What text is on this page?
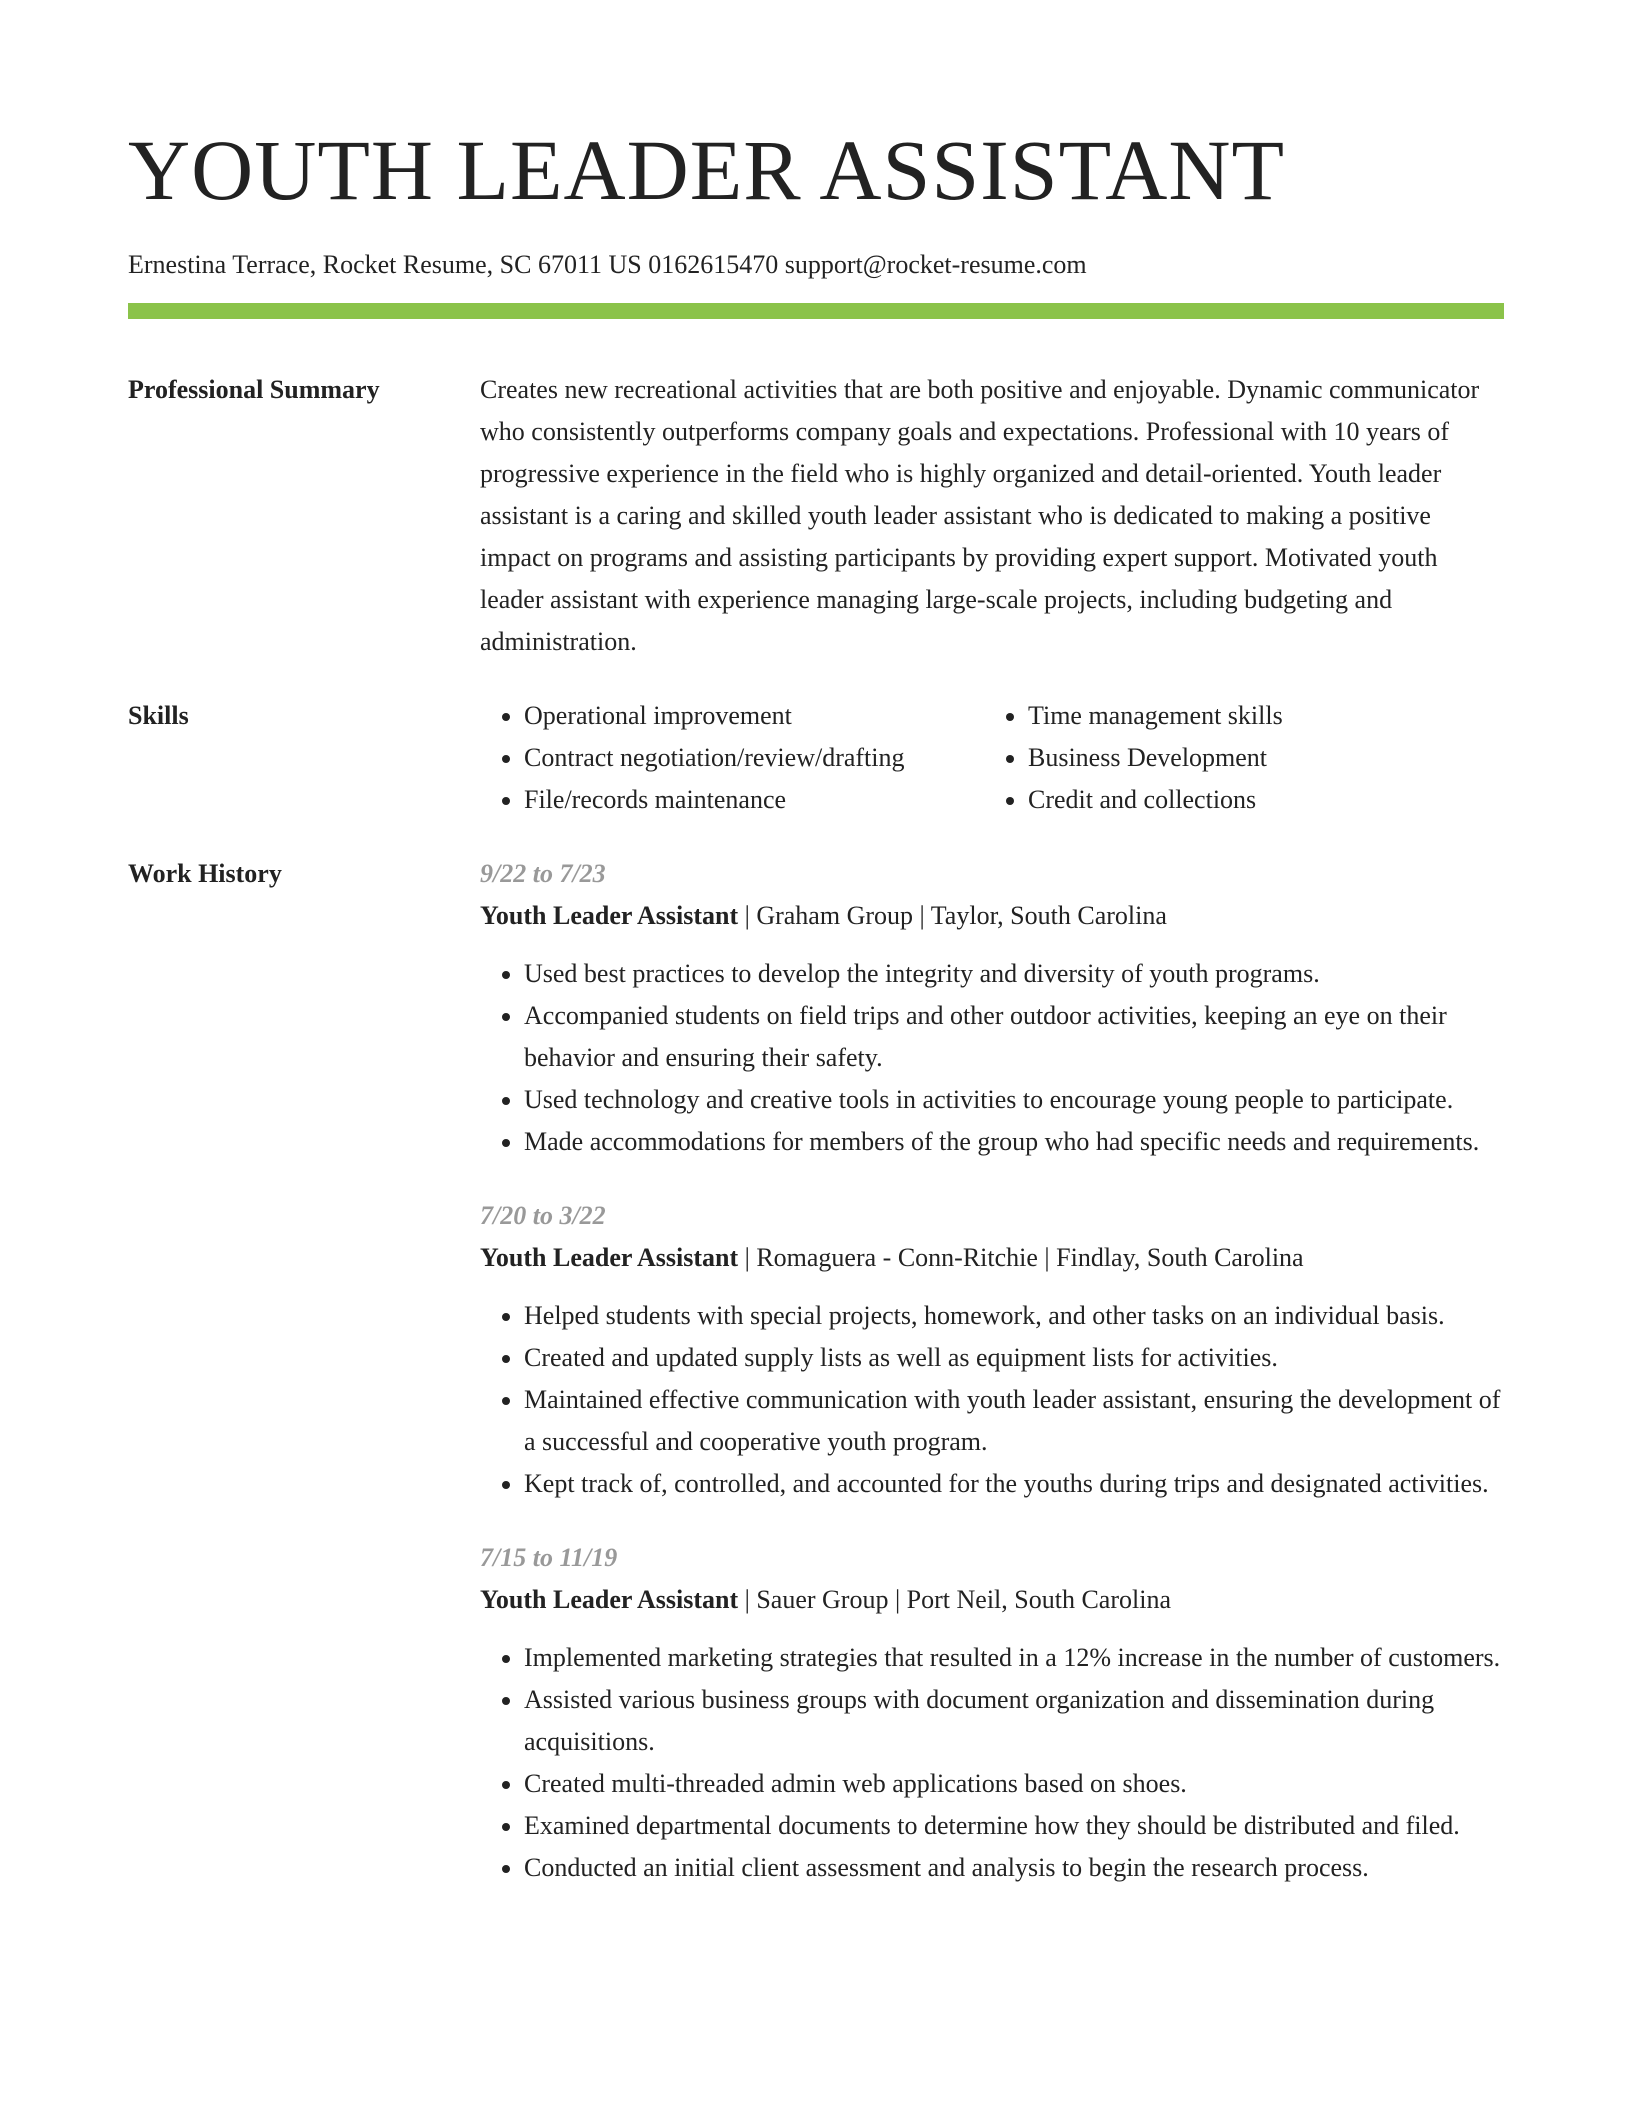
YOUTH LEADER ASSISTANT
Ernestina Terrace, Rocket Resume, SC 67011 US 0162615470 support@rocket-resume.com
Professional Summary	Creates new recreational activities that are both positive and enjoyable. Dynamic communicator who consistently outperforms company goals and expectations. Professional with 10 years of progressive experience in the field who is highly organized and detail-oriented. Youth leader assistant is a caring and skilled youth leader assistant who is dedicated to making a positive impact on programs and assisting participants by providing expert support. Motivated youth leader assistant with experience managing large-scale projects, including budgeting and administration.

Skills
•	Operational improvement
• Contract negotiation/review/drafting
• File/records maintenance
• Time management skills
• Business Development
• Credit and collections
Work History	9/22 to 7/23
Youth Leader Assistant | Graham Group | Taylor, South Carolina
• Used best practices to develop the integrity and diversity of youth programs.
• Accompanied students on field trips and other outdoor activities, keeping an eye on their behavior and ensuring their safety.
• Used technology and creative tools in activities to encourage young people to participate.
• Made accommodations for members of the group who had specific needs and requirements.
7/20 to 3/22
Youth Leader Assistant | Romaguera - Conn-Ritchie | Findlay, South Carolina
• Helped students with special projects, homework, and other tasks on an individual basis.
• Created and updated supply lists as well as equipment lists for activities.
• Maintained effective communication with youth leader assistant, ensuring the development of a successful and cooperative youth program.
• Kept track of, controlled, and accounted for the youths during trips and designated activities.
7/15 to 11/19
Youth Leader Assistant | Sauer Group | Port Neil, South Carolina
• Implemented marketing strategies that resulted in a 12% increase in the number of customers.
• Assisted various business groups with document organization and dissemination during acquisitions.
• Created multi-threaded admin web applications based on shoes.
• Examined departmental documents to determine how they should be distributed and filed.
• Conducted an initial client assessment and analysis to begin the research process.
